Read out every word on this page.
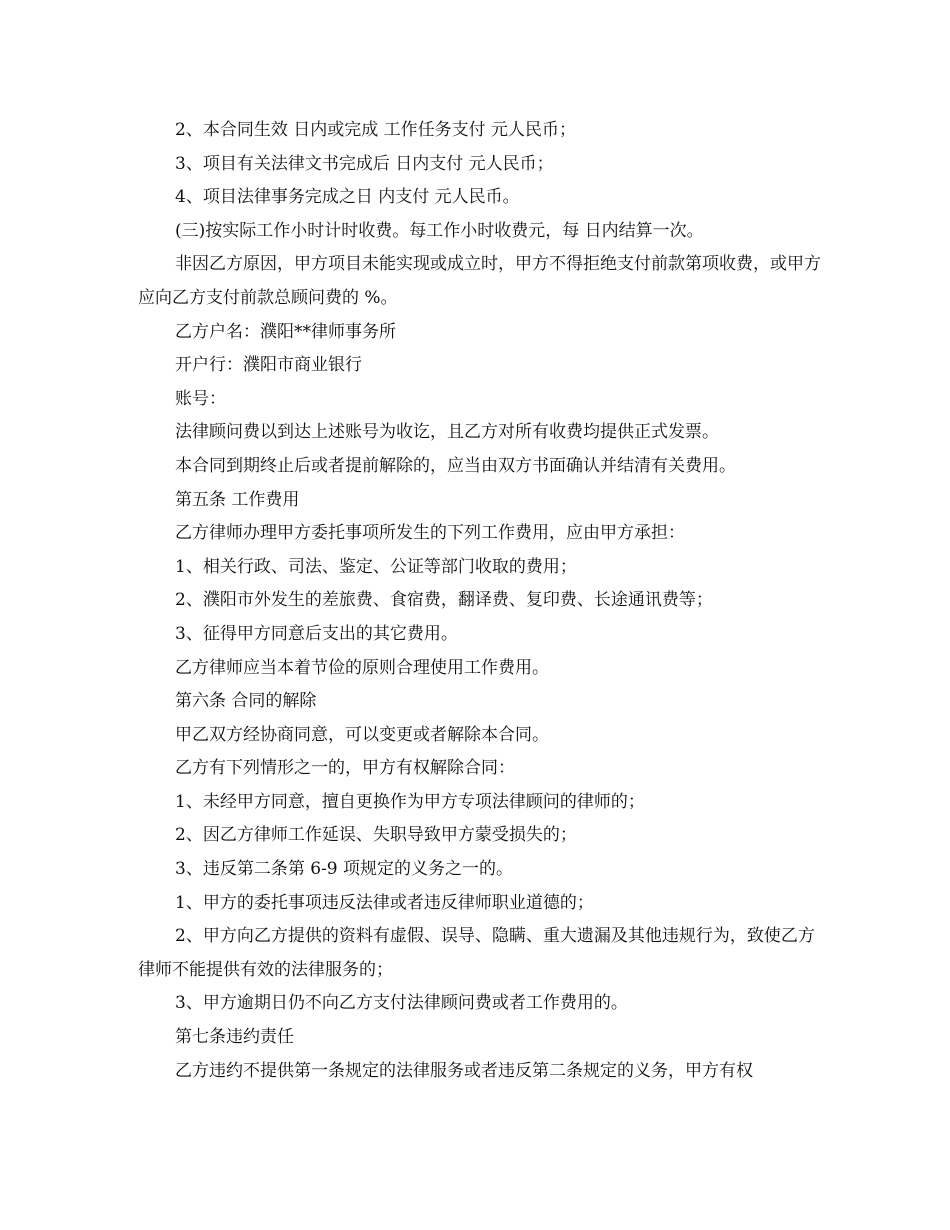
2、本合同生效 日内或完成 工作任务支付 元人民币；

3、项目有关法律文书完成后 日内支付 元人民币；

4、项目法律事务完成之日 内支付 元人民币。

(三)按实际工作小时计时收费。每工作小时收费元，每 日内结算一次。

非因乙方原因，甲方项目未能实现或成立时，甲方不得拒绝支付前款第项收费，或甲方应向乙方支付前款总顾问费的 %。

乙方户名：濮阳**律师事务所

开户行：濮阳市商业银行

账号：

法律顾问费以到达上述账号为收讫，且乙方对所有收费均提供正式发票。

本合同到期终止后或者提前解除的，应当由双方书面确认并结清有关费用。

第五条 工作费用

乙方律师办理甲方委托事项所发生的下列工作费用，应由甲方承担：

1、相关行政、司法、鉴定、公证等部门收取的费用；

2、濮阳市外发生的差旅费、食宿费，翻译费、复印费、长途通讯费等；

3、征得甲方同意后支出的其它费用。

乙方律师应当本着节俭的原则合理使用工作费用。

第六条 合同的解除

甲乙双方经协商同意，可以变更或者解除本合同。

乙方有下列情形之一的，甲方有权解除合同：

1、未经甲方同意，擅自更换作为甲方专项法律顾问的律师的；

2、因乙方律师工作延误、失职导致甲方蒙受损失的；

3、违反第二条第 6-9 项规定的义务之一的。

1、甲方的委托事项违反法律或者违反律师职业道德的；

2、甲方向乙方提供的资料有虚假、误导、隐瞒、重大遗漏及其他违规行为，致使乙方律师不能提供有效的法律服务的；

3、甲方逾期日仍不向乙方支付法律顾问费或者工作费用的。

第七条违约责任

乙方违约不提供第一条规定的法律服务或者违反第二条规定的义务，甲方有权
